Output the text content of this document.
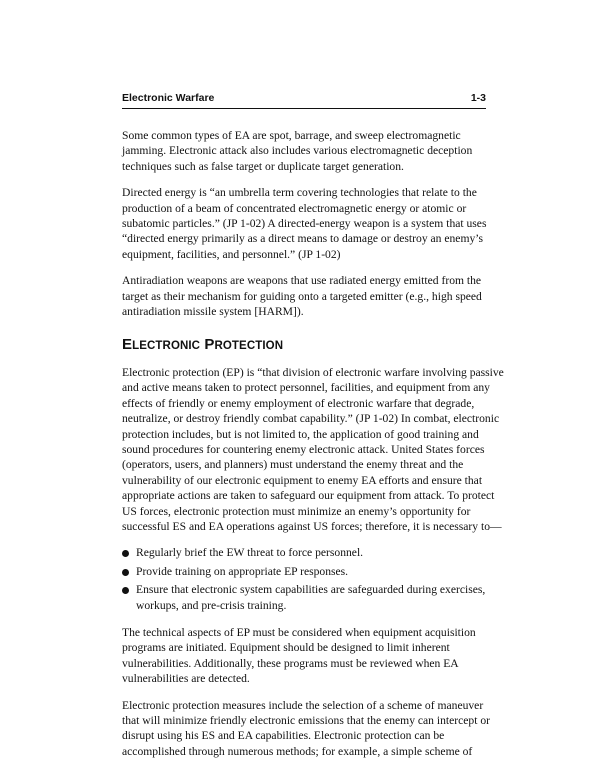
Electronic Warfare	1-3

Some common types of EA are spot, barrage, and sweep electromagnetic
jamming. Electronic attack also includes various electromagnetic deception
techniques such as false target or duplicate target generation.

Directed energy is “an umbrella term covering technologies that relate to the
production of a beam of concentrated electromagnetic energy or atomic or
subatomic particles.” (JP 1-02) A directed-energy weapon is a system that uses
“directed energy primarily as a direct means to damage or destroy an enemy’s
equipment, facilities, and personnel.” (JP 1-02)

Antiradiation weapons are weapons that use radiated energy emitted from the
target as their mechanism for guiding onto a targeted emitter (e.g., high speed
antiradiation missile system [HARM]).

ELECTRONIC PROTECTION

Electronic protection (EP) is “that division of electronic warfare involving passive
and active means taken to protect personnel, facilities, and equipment from any
effects of friendly or enemy employment of electronic warfare that degrade,
neutralize, or destroy friendly combat capability.” (JP 1-02) In combat, electronic
protection includes, but is not limited to, the application of good training and
sound procedures for countering enemy electronic attack. United States forces
(operators, users, and planners) must understand the enemy threat and the
vulnerability of our electronic equipment to enemy EA efforts and ensure that
appropriate actions are taken to safeguard our equipment from attack. To protect
US forces, electronic protection must minimize an enemy’s opportunity for
successful ES and EA operations against US forces; therefore, it is necessary to—

Regularly brief the EW threat to force personnel.
Provide training on appropriate EP responses.
Ensure that electronic system capabilities are safeguarded during exercises,
workups, and pre-crisis training.

The technical aspects of EP must be considered when equipment acquisition
programs are initiated. Equipment should be designed to limit inherent
vulnerabilities. Additionally, these programs must be reviewed when EA
vulnerabilities are detected.

Electronic protection measures include the selection of a scheme of maneuver
that will minimize friendly electronic emissions that the enemy can intercept or
disrupt using his ES and EA capabilities. Electronic protection can be
accomplished through numerous methods; for example, a simple scheme of
